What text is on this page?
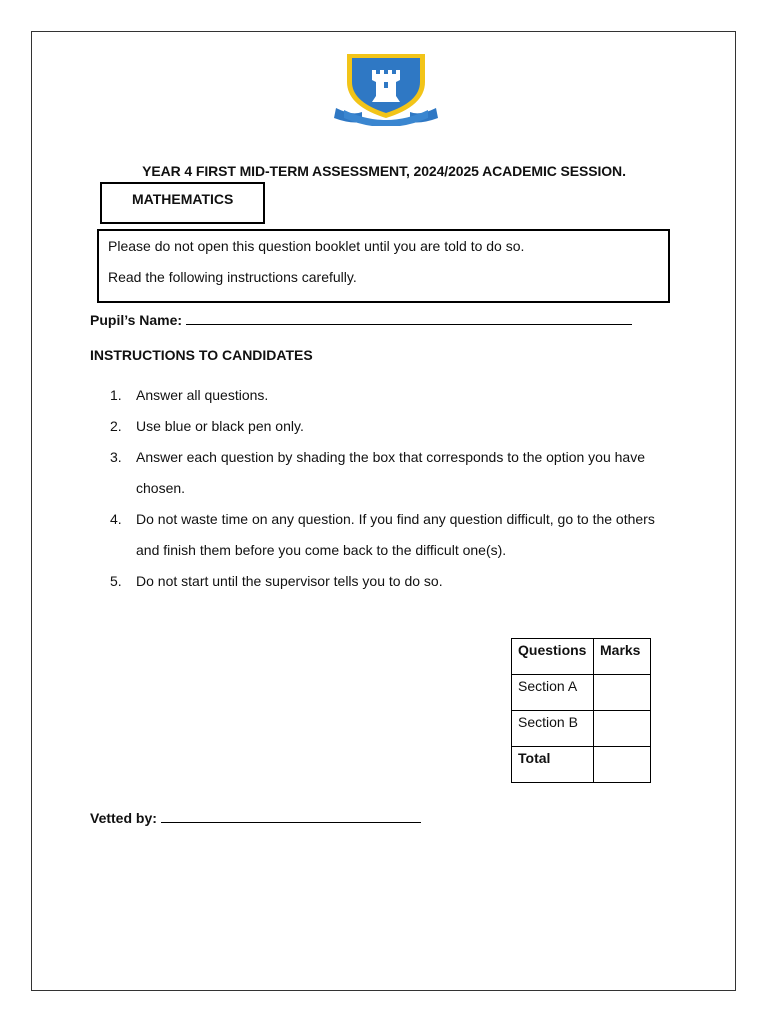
YEAR 4 FIRST MID-TERM ASSESSMENT, 2024/2025 ACADEMIC SESSION.
MATHEMATICS
Please do not open this question booklet until you are told to do so.
Read the following instructions carefully.
Pupil’s Name:
INSTRUCTIONS TO CANDIDATES
1.	Answer all questions.
2.	Use blue or black pen only.
3.	Answer each question by shading the box that corresponds to the option you have chosen.
4.	Do not waste time on any question. If you find any question difficult, go to the others and finish them before you come back to the difficult one(s).
5.	Do not start until the supervisor tells you to do so.
Questions	Marks
Section A	
Section B	
Total	
Vetted by:
